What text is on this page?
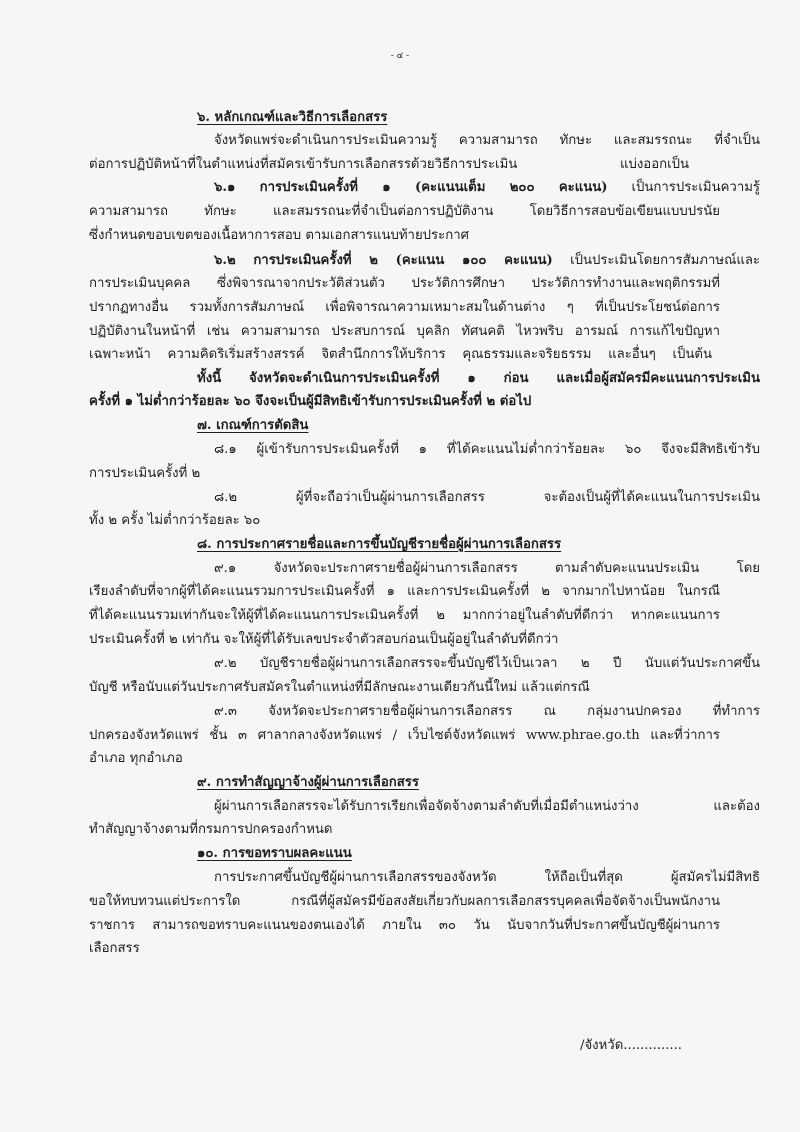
- ๔ -
๖. หลักเกณฑ์และวิธีการเลือกสรร
จังหวัดแพร่จะดำเนินการประเมินความรู้ ความสามารถ ทักษะ และสมรรถนะ ที่จำเป็น
ต่อการปฏิบัติหน้าที่ในตำแหน่งที่สมัครเข้ารับการเลือกสรรด้วยวิธีการประเมิน แบ่งออกเป็น
๖.๑ การประเมินครั้งที่ ๑ (คะแนนเต็ม ๒๐๐ คะแนน) เป็นการประเมินความรู้
ความสามารถ ทักษะ และสมรรถนะที่จำเป็นต่อการปฏิบัติงาน โดยวิธีการสอบข้อเขียนแบบปรนัย
ซึ่งกำหนดขอบเขตของเนื้อหาการสอบ ตามเอกสารแนบท้ายประกาศ
๖.๒ การประเมินครั้งที่ ๒ (คะแนน ๑๐๐ คะแนน) เป็นประเมินโดยการสัมภาษณ์และ
การประเมินบุคคล ซึ่งพิจารณาจากประวัติส่วนตัว ประวัติการศึกษา ประวัติการทำงานและพฤติกรรมที่
ปรากฏทางอื่น รวมทั้งการสัมภาษณ์ เพื่อพิจารณาความเหมาะสมในด้านต่าง ๆ ที่เป็นประโยชน์ต่อการ
ปฏิบัติงานในหน้าที่ เช่น ความสามารถ ประสบการณ์ บุคลิก ทัศนคติ ไหวพริบ อารมณ์ การแก้ไขปัญหา
เฉพาะหน้า ความคิดริเริ่มสร้างสรรค์ จิตสำนึกการให้บริการ คุณธรรมและจริยธรรม และอื่นๆ เป็นต้น
ทั้งนี้ จังหวัดจะดำเนินการประเมินครั้งที่ ๑ ก่อน และเมื่อผู้สมัครมีคะแนนการประเมิน
ครั้งที่ ๑ ไม่ต่ำกว่าร้อยละ ๖๐ จึงจะเป็นผู้มีสิทธิเข้ารับการประเมินครั้งที่ ๒ ต่อไป
๗. เกณฑ์การตัดสิน
๘.๑ ผู้เข้ารับการประเมินครั้งที่ ๑ ที่ได้คะแนนไม่ต่ำกว่าร้อยละ ๖๐ จึงจะมีสิทธิเข้ารับ
การประเมินครั้งที่ ๒
๘.๒ ผู้ที่จะถือว่าเป็นผู้ผ่านการเลือกสรร จะต้องเป็นผู้ที่ได้คะแนนในการประเมิน
ทั้ง ๒ ครั้ง ไม่ต่ำกว่าร้อยละ ๖๐
๘. การประกาศรายชื่อและการขึ้นบัญชีรายชื่อผู้ผ่านการเลือกสรร
๙.๑ จังหวัดจะประกาศรายชื่อผู้ผ่านการเลือกสรร ตามลำดับคะแนนประเมิน โดย
เรียงลำดับที่จากผู้ที่ได้คะแนนรวมการประเมินครั้งที่ ๑ และการประเมินครั้งที่ ๒ จากมากไปหาน้อย ในกรณี
ที่ได้คะแนนรวมเท่ากันจะให้ผู้ที่ได้คะแนนการประเมินครั้งที่ ๒ มากกว่าอยู่ในลำดับที่ดีกว่า หากคะแนนการ
ประเมินครั้งที่ ๒ เท่ากัน จะให้ผู้ที่ได้รับเลขประจำตัวสอบก่อนเป็นผู้อยู่ในลำดับที่ดีกว่า
๙.๒ บัญชีรายชื่อผู้ผ่านการเลือกสรรจะขึ้นบัญชีไว้เป็นเวลา ๒ ปี นับแต่วันประกาศขึ้น
บัญชี หรือนับแต่วันประกาศรับสมัครในตำแหน่งที่มีลักษณะงานเดียวกันนี้ใหม่ แล้วแต่กรณี
๙.๓ จังหวัดจะประกาศรายชื่อผู้ผ่านการเลือกสรร ณ กลุ่มงานปกครอง ที่ทำการ
ปกครองจังหวัดแพร่ ชั้น ๓ ศาลากลางจังหวัดแพร่ / เว็บไซต์จังหวัดแพร่ www.phrae.go.th และที่ว่าการ
อำเภอ ทุกอำเภอ
๙. การทำสัญญาจ้างผู้ผ่านการเลือกสรร
ผู้ผ่านการเลือกสรรจะได้รับการเรียกเพื่อจัดจ้างตามลำดับที่เมื่อมีตำแหน่งว่าง และต้อง
ทำสัญญาจ้างตามที่กรมการปกครองกำหนด
๑๐. การขอทราบผลคะแนน
การประกาศขึ้นบัญชีผู้ผ่านการเลือกสรรของจังหวัด ให้ถือเป็นที่สุด ผู้สมัครไม่มีสิทธิ
ขอให้ทบทวนแต่ประการใด กรณีที่ผู้สมัครมีข้อสงสัยเกี่ยวกับผลการเลือกสรรบุคคลเพื่อจัดจ้างเป็นพนักงาน
ราชการ สามารถขอทราบคะแนนของตนเองได้ ภายใน ๓๐ วัน นับจากวันที่ประกาศขึ้นบัญชีผู้ผ่านการ
เลือกสรร
/จังหวัด..............
